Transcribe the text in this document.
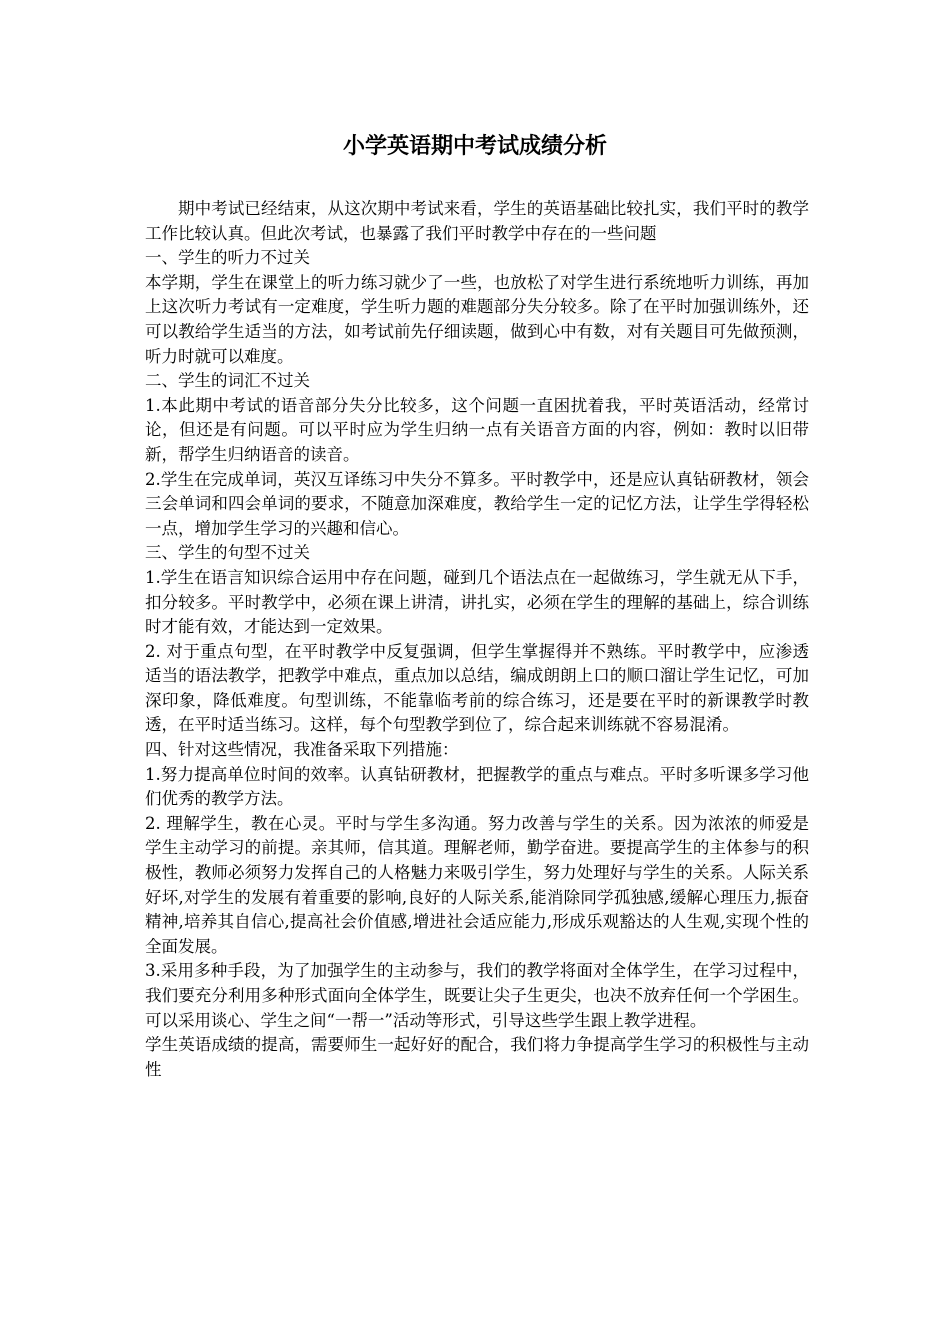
小学英语期中考试成绩分析

期中考试已经结束，从这次期中考试来看，学生的英语基础比较扎实，我们平时的教学工作比较认真。但此次考试，也暴露了我们平时教学中存在的一些问题

一、学生的听力不过关

本学期，学生在课堂上的听力练习就少了一些，也放松了对学生进行系统地听力训练，再加上这次听力考试有一定难度，学生听力题的难题部分失分较多。除了在平时加强训练外，还可以教给学生适当的方法，如考试前先仔细读题，做到心中有数，对有关题目可先做预测，听力时就可以难度。

二、学生的词汇不过关

1.本此期中考试的语音部分失分比较多，这个问题一直困扰着我，平时英语活动，经常讨论，但还是有问题。可以平时应为学生归纳一点有关语音方面的内容，例如：教时以旧带新，帮学生归纳语音的读音。

2.学生在完成单词，英汉互译练习中失分不算多。平时教学中，还是应认真钻研教材，领会三会单词和四会单词的要求，不随意加深难度，教给学生一定的记忆方法，让学生学得轻松一点，增加学生学习的兴趣和信心。

三、学生的句型不过关

1.学生在语言知识综合运用中存在问题，碰到几个语法点在一起做练习，学生就无从下手，扣分较多。平时教学中，必须在课上讲清，讲扎实，必须在学生的理解的基础上，综合训练时才能有效，才能达到一定效果。

2. 对于重点句型，在平时教学中反复强调，但学生掌握得并不熟练。平时教学中，应渗透适当的语法教学，把教学中难点，重点加以总结，编成朗朗上口的顺口溜让学生记忆，可加深印象，降低难度。句型训练，不能靠临考前的综合练习，还是要在平时的新课教学时教透，在平时适当练习。这样，每个句型教学到位了，综合起来训练就不容易混淆。

四、针对这些情况，我准备采取下列措施：

1.努力提高单位时间的效率。认真钻研教材，把握教学的重点与难点。平时多听课多学习他们优秀的教学方法。

2. 理解学生，教在心灵。平时与学生多沟通。努力改善与学生的关系。因为浓浓的师爱是学生主动学习的前提。亲其师，信其道。理解老师，勤学奋进。要提高学生的主体参与的积极性，教师必须努力发挥自己的人格魅力来吸引学生，努力处理好与学生的关系。人际关系好坏,对学生的发展有着重要的影响,良好的人际关系,能消除同学孤独感,缓解心理压力,振奋精神,培养其自信心,提高社会价值感,增进社会适应能力,形成乐观豁达的人生观,实现个性的全面发展。

3.采用多种手段，为了加强学生的主动参与，我们的教学将面对全体学生，在学习过程中，我们要充分利用多种形式面向全体学生，既要让尖子生更尖，也决不放弃任何一个学困生。可以采用谈心、学生之间“一帮一”活动等形式，引导这些学生跟上教学进程。

学生英语成绩的提高，需要师生一起好好的配合，我们将力争提高学生学习的积极性与主动性
